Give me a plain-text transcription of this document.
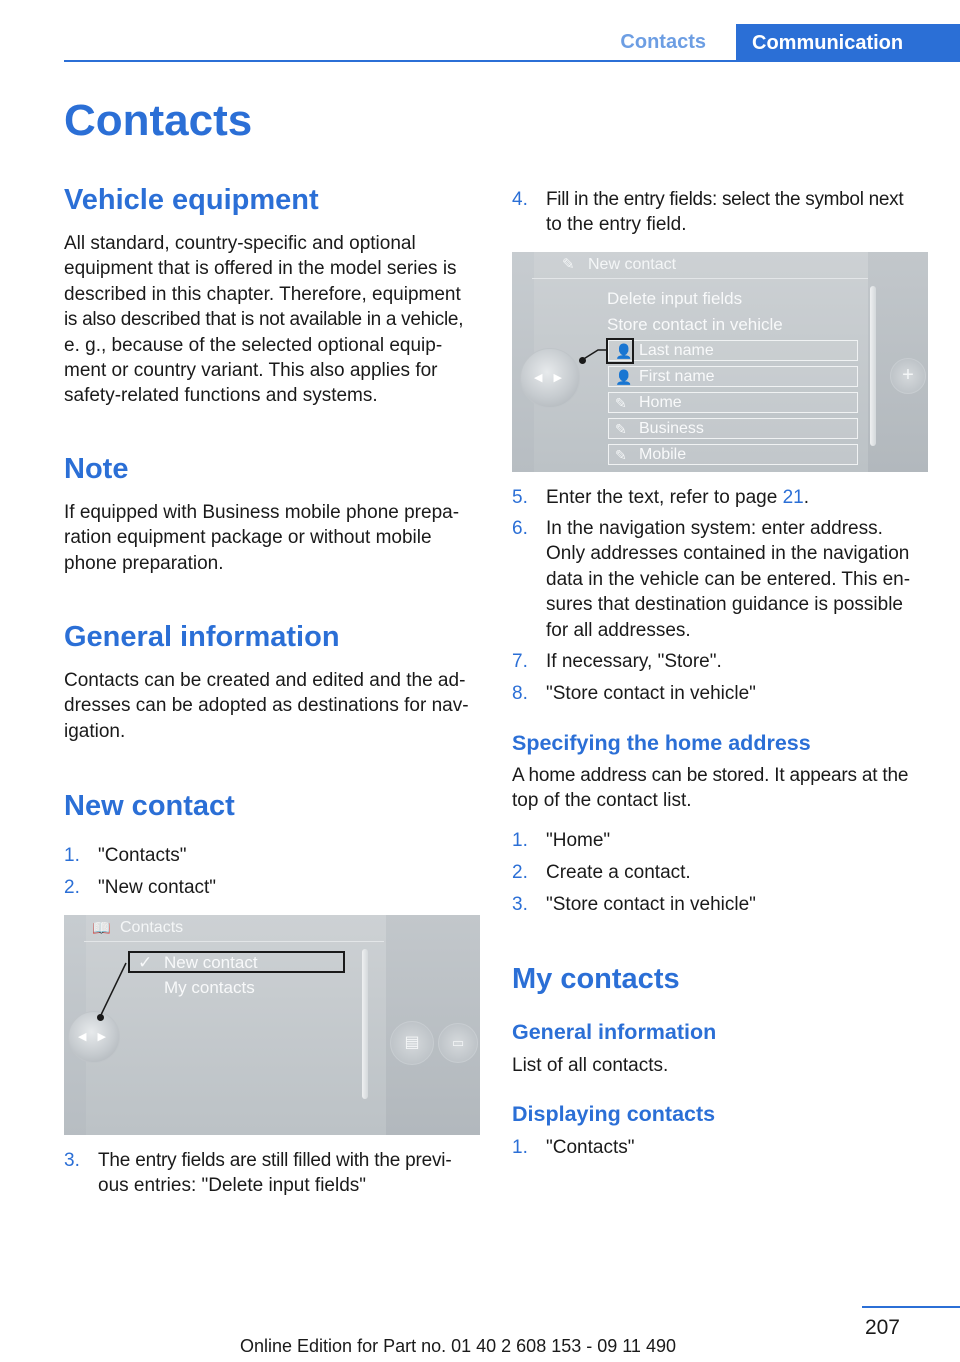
Contacts	Communication
Contacts
Vehicle equipment
All standard, country-specific and optional
equipment that is offered in the model series is
described in this chapter. Therefore, equipment
is also described that is not available in a vehicle,
e. g., because of the selected optional equip-
ment or country variant. This also applies for
safety-related functions and systems.
Note
If equipped with Business mobile phone prepa-
ration equipment package or without mobile
phone preparation.
General information
Contacts can be created and edited and the ad-
dresses can be adopted as destinations for nav-
igation.
New contact
1. "Contacts"
2. "New contact"
📖 Contacts
✓ New contact
My contacts
◀ ▶	▤	▭
3. The entry fields are still filled with the previ-
ous entries: "Delete input fields"
4. Fill in the entry fields: select the symbol next
to the entry field.
✎ New contact
Delete input fields
Store contact in vehicle
👤 Last name
👤 First name
✎ Home
✎ Business
✎ Mobile
◀ ▶	+
5. Enter the text, refer to page 21.
6. In the navigation system: enter address.
Only addresses contained in the navigation
data in the vehicle can be entered. This en-
sures that destination guidance is possible
for all addresses.
7. If necessary, "Store".
8. "Store contact in vehicle"
Specifying the home address
A home address can be stored. It appears at the
top of the contact list.
1. "Home"
2. Create a contact.
3. "Store contact in vehicle"
My contacts
General information
List of all contacts.
Displaying contacts
1. "Contacts"
207
Online Edition for Part no. 01 40 2 608 153 - 09 11 490
